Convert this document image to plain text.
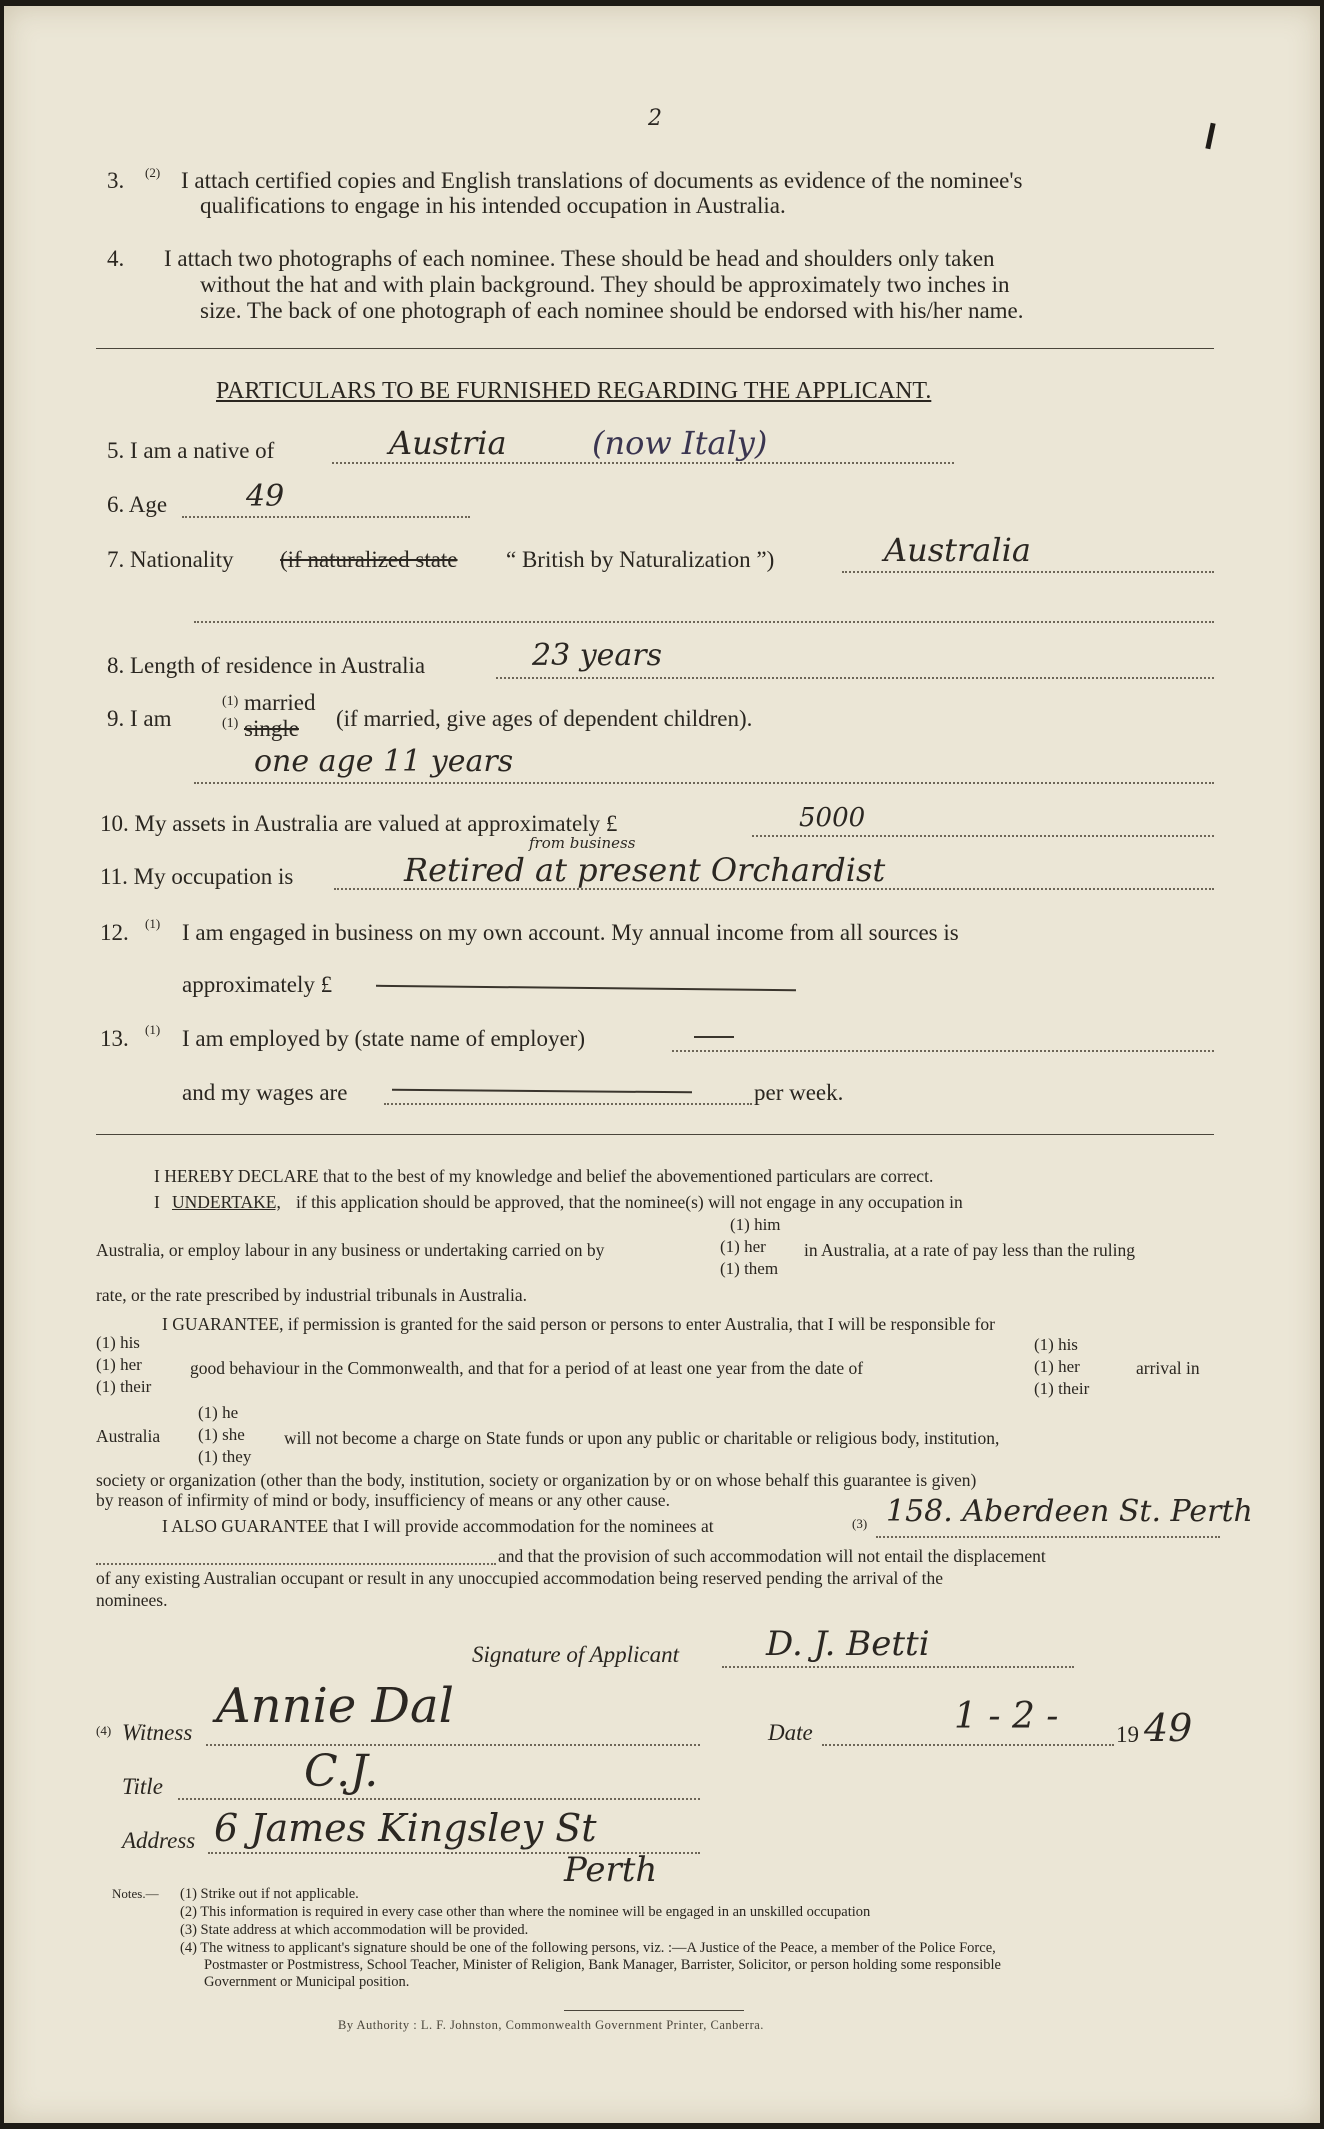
2
3. (2) I attach certified copies and English translations of documents as evidence of the nominee's
qualifications to engage in his intended occupation in Australia.
4. I attach two photographs of each nominee. These should be head and shoulders only taken
without the hat and with plain background. They should be approximately two inches in
size. The back of one photograph of each nominee should be endorsed with his/her name.
PARTICULARS TO BE FURNISHED REGARDING THE APPLICANT.
5. I am a native of	Austria	(now Italy)
6. Age	49
7. Nationality (if naturalized state “ British by Naturalization ”)	Australia
8. Length of residence in Australia	23 years
9. I am
(1)
(1)
married
single (if married, give ages of dependent children).
one age 11 years
10. My assets in Australia are valued at approximately £	5000
11. My occupation is
from business
Retired at present Orchardist
12. (1) I am engaged in business on my own account. My annual income from all sources is
approximately £
13. (1) I am employed by (state name of employer)
and my wages are	per week.
I HEREBY DECLARE that to the best of my knowledge and belief the abovementioned particulars are correct.
I UNDERTAKE, if this application should be approved, that the nominee(s) will not engage in any occupation in
(1) him
(1) her
(1) them
Australia, or employ labour in any business or undertaking carried on by	in Australia, at a rate of pay less than the ruling
rate, or the rate prescribed by industrial tribunals in Australia.
I GUARANTEE, if permission is granted for the said person or persons to enter Australia, that I will be responsible for
(1) his
(1) her
(1) their
good behaviour in the Commonwealth, and that for a period of at least one year from the date of
(1) his
(1) her
(1) their
arrival in
(1) he
(1) she
(1) they
Australia	will not become a charge on State funds or upon any public or charitable or religious body, institution,
society or organization (other than the body, institution, society or organization by or on whose behalf this guarantee is given)
by reason of infirmity of mind or body, insufficiency of means or any other cause.
I ALSO GUARANTEE that I will provide accommodation for the nominees at	(3) 158. Aberdeen St. Perth
and that the provision of such accommodation will not entail the displacement
of any existing Australian occupant or result in any unoccupied accommodation being reserved pending the arrival of the
nominees.
Signature of Applicant	D. J. Betti
(4) Witness Annie Dal	Date	1 - 2 -	19 49
Title	C.J.
Address 6 James Kingsley St
Perth
Notes.— (1) Strike out if not applicable.
(2) This information is required in every case other than where the nominee will be engaged in an unskilled occupation
(3) State address at which accommodation will be provided.
(4) The witness to applicant's signature should be one of the following persons, viz. :—A Justice of the Peace, a member of the Police Force,
Postmaster or Postmistress, School Teacher, Minister of Religion, Bank Manager, Barrister, Solicitor, or person holding some responsible
Government or Municipal position.
By Authority : L. F. Johnston, Commonwealth Government Printer, Canberra.
